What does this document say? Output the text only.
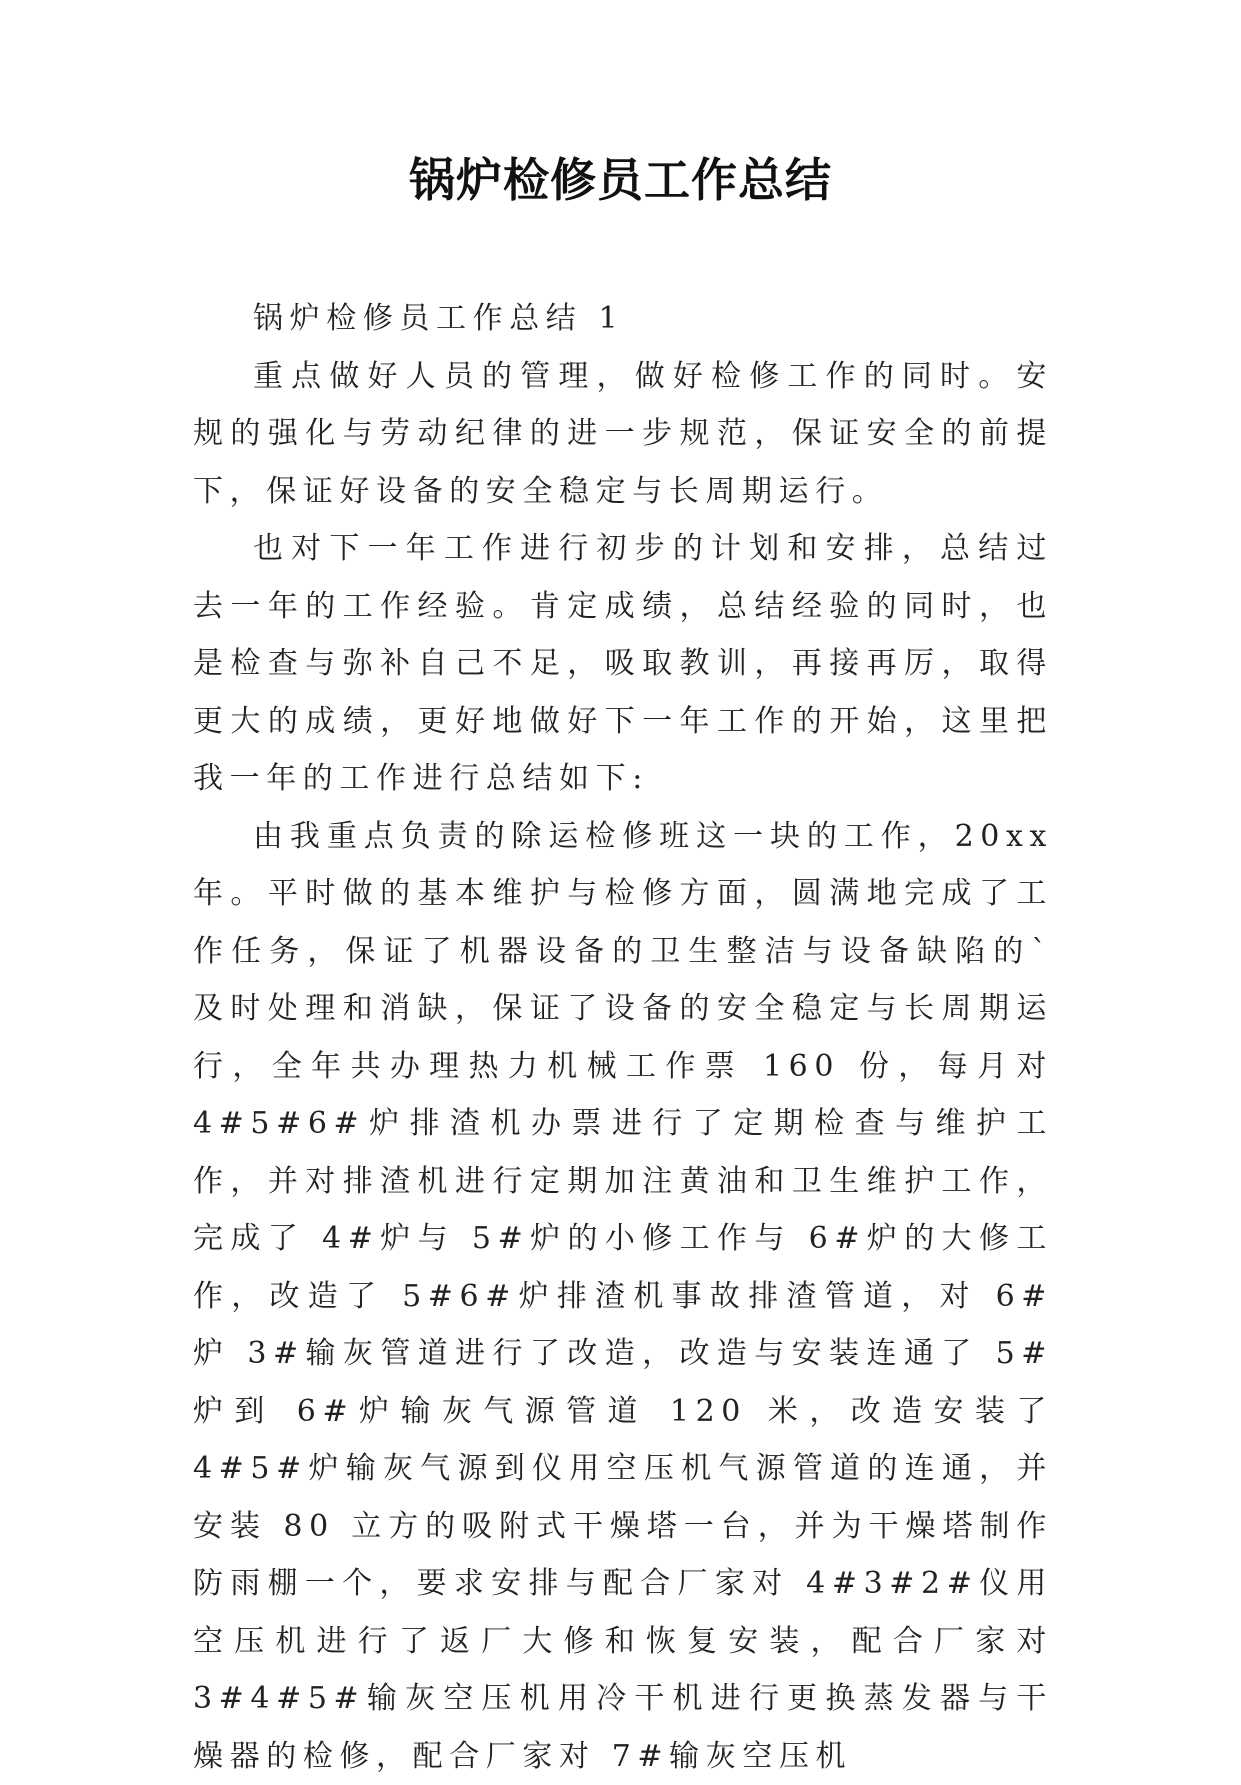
锅炉检修员工作总结

锅炉检修员工作总结 1

重点做好人员的管理，做好检修工作的同时。安规的强化与劳动纪律的进一步规范，保证安全的前提下，保证好设备的安全稳定与长周期运行。

也对下一年工作进行初步的计划和安排，总结过去一年的工作经验。肯定成绩，总结经验的同时，也是检查与弥补自己不足，吸取教训，再接再厉，取得更大的成绩，更好地做好下一年工作的开始，这里把我一年的工作进行总结如下:

由我重点负责的除运检修班这一块的工作，20xx 年。平时做的基本维护与检修方面，圆满地完成了工作任务，保证了机器设备的卫生整洁与设备缺陷的`及时处理和消缺，保证了设备的安全稳定与长周期运行，全年共办理热力机械工作票 160 份，每月对 4#5#6#炉排渣机办票进行了定期检查与维护工作，并对排渣机进行定期加注黄油和卫生维护工作，完成了 4#炉与 5#炉的小修工作与 6#炉的大修工作，改造了 5#6#炉排渣机事故排渣管道，对 6#炉 3#输灰管道进行了改造，改造与安装连通了 5#炉到 6#炉输灰气源管道 120 米，改造安装了 4#5#炉输灰气源到仪用空压机气源管道的连通，并安装 80 立方的吸附式干燥塔一台，并为干燥塔制作防雨棚一个，要求安排与配合厂家对 4#3#2#仪用空压机进行了返厂大修和恢复安装，配合厂家对 3#4#5#输灰空压机用冷干机进行更换蒸发器与干燥器的检修，配合厂家对 7#输灰空压机
